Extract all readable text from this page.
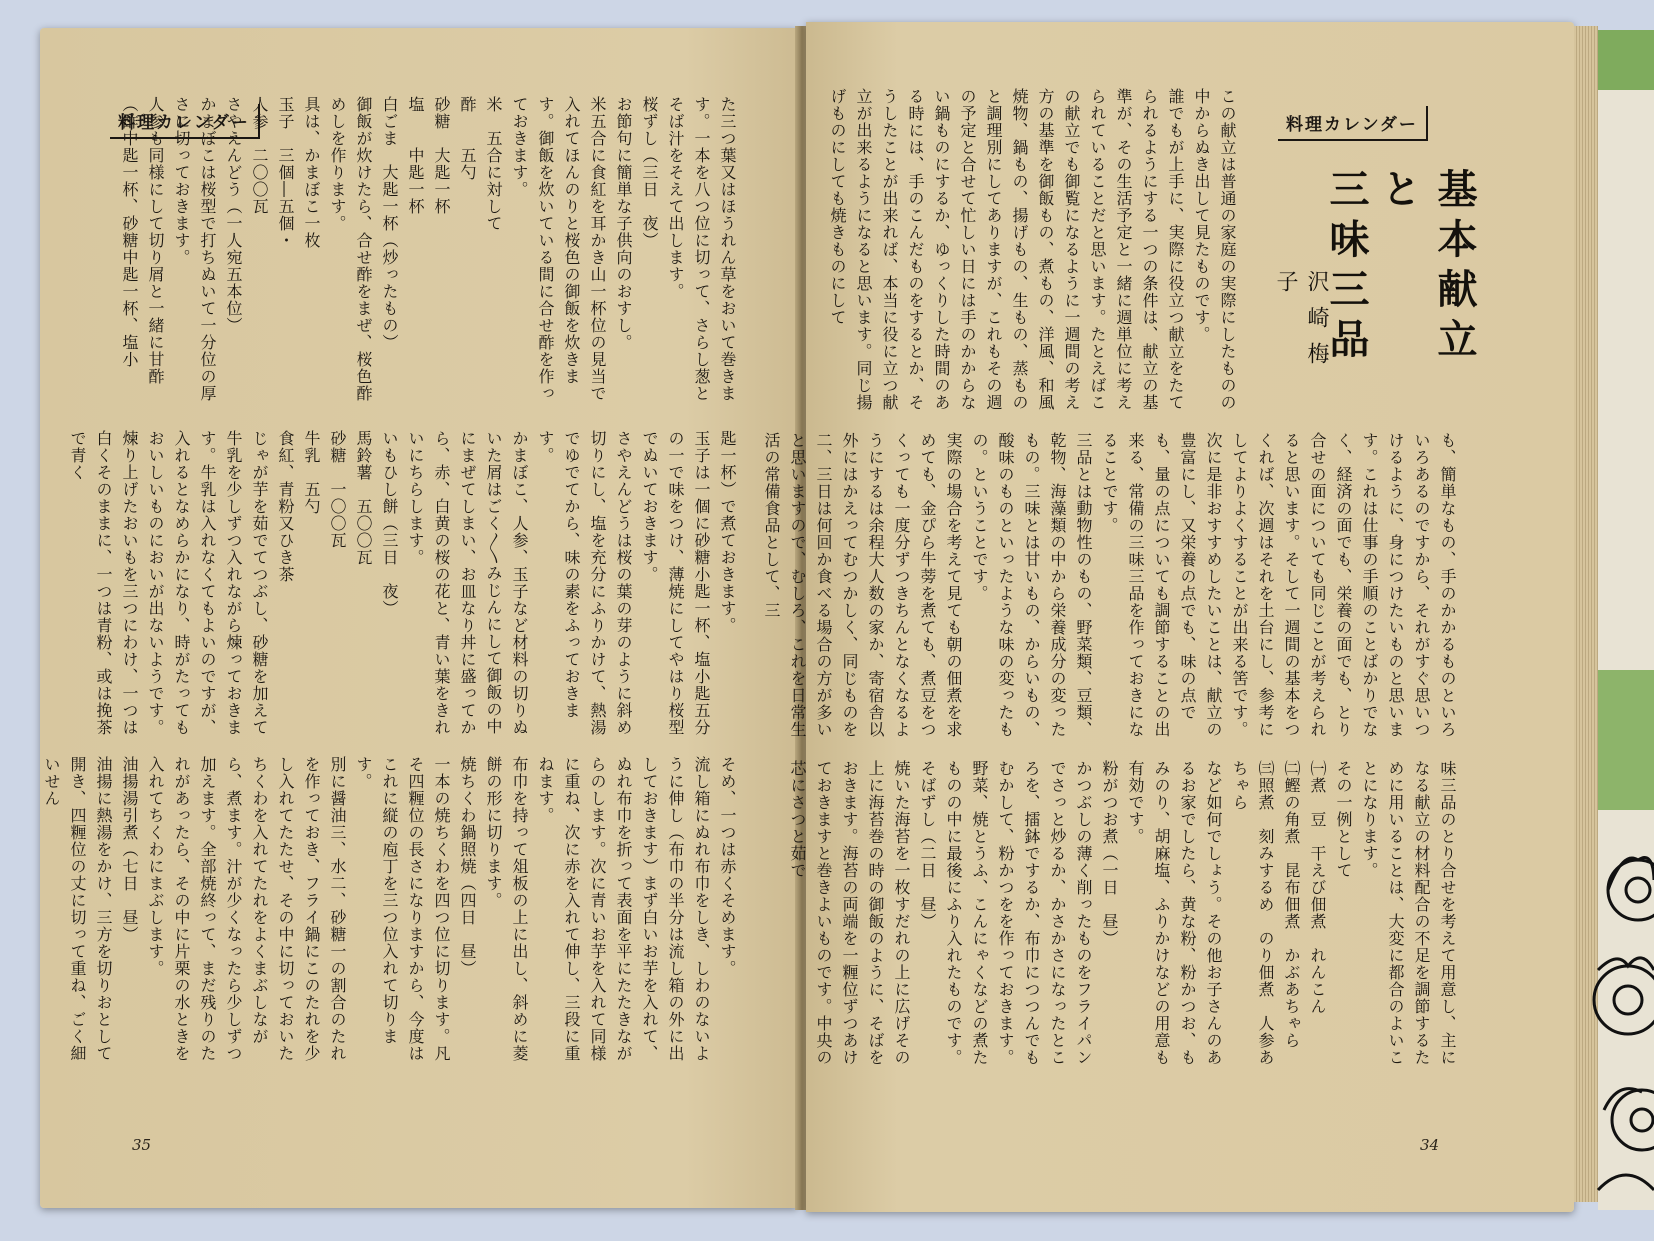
料理カレンダー	た三つ葉又はほうれん草をおいて巻きます。一本を八つ位に切って、さらし葱とそば汁をそえて出します。
桜ずし（三日　夜）
お節句に簡単な子供向のおすし。
米五合に食紅を耳かき山一杯位の見当で入れてほんのりと桜色の御飯を炊きます。御飯を炊いている間に合せ酢を作っておきます。
米　五合に対して
酢　　五勺
砂糖　大匙一杯
塩　　中匙一杯
白ごま　大匙一杯（炒ったもの）
御飯が炊けたら、合せ酢をまぜ、桜色酢めしを作ります。
具は、かまぼこ一枚
玉子　三個―五個・
人参　二〇〇瓦
さやえんどう（一人宛五本位）
かまぼこは桜型で打ちぬいて一分位の厚さに切っておきます。
人参も同様にして切り屑と一緒に甘酢（酢中匙一杯、砂糖中匙一杯、塩小
匙一杯）で煮ておきます。
玉子は一個に砂糖小匙一杯、塩小匙五分の一で味をつけ、薄焼にしてやはり桜型でぬいておきます。
さやえんどうは桜の葉の芽のように斜め切りにし、塩を充分にふりかけて、熱湯でゆでてから、味の素をふっておきます。
かまぼこ、人参、玉子など材料の切りぬいた屑はごく〳〵みじんにして御飯の中にまぜてしまい、お皿なり丼に盛ってから、赤、白黄の桜の花と、青い葉をきれいにちらします。
いもひし餅（三日　夜）
馬鈴薯　五〇〇瓦
砂糖　一〇〇瓦
牛乳　五勺
食紅、青粉又ひき茶
じゃが芋を茹でてつぶし、砂糖を加えて牛乳を少しずつ入れながら煉っておきます。牛乳は入れなくてもよいのですが、入れるとなめらかになり、時がたってもおいしいものにおいが出ないようです。
煉り上げたおいもを三つにわけ、一つは白くそのままに、一つは青粉、或は挽茶で青く
そめ、一つは赤くそめます。
流し箱にぬれ布巾をしき、しわのないように伸し（布巾の半分は流し箱の外に出しておきます）まず白いお芋を入れて、ぬれ布巾を折って表面を平にたたきながらのします。次に青いお芋を入れて同様に重ね、次に赤を入れて伸し、三段に重ねます。
布巾を持って俎板の上に出し、斜めに菱餅の形に切ります。
焼ちくわ鍋照焼（四日　昼）
一本の焼ちくわを四つ位に切ります。凡そ四糎位の長さになりますから、今度はこれに縦の庖丁を三つ位入れて切ります。
別に醤油三、水二、砂糖一の割合のたれを作っておき、フライ鍋にこのたれを少し入れてたたせ、その中に切っておいたちくわを入れてたれをよくまぶしながら、煮ます。汁が少くなったら少しずつ加えます。全部焼終って、まだ残りのたれがあったら、その中に片栗の水ときを入れてちくわにまぶします。
油揚湯引煮（七日　昼）
油揚に熱湯をかけ、三方を切りおとして開き、四糎位の丈に切って重ね、ごく細いせん
35
料理カレンダー
基本献立と
三味三品
沢崎梅子
この献立は普通の家庭の実際にしたものの中からぬき出して見たものです。
誰でもが上手に、実際に役立つ献立をたてられるようにする一つの条件は、献立の基準が、その生活予定と一緒に週単位に考えられていることだと思います。たとえばこの献立でも御覧になるように一週間の考え方の基準を御飯もの、煮もの、洋風、和風焼物、鍋もの、揚げもの、生もの、蒸ものと調理別にしてありますが、これもその週の予定と合せて忙しい日には手のかからない鍋ものにするか、ゆっくりした時間のある時には、手のこんだものをするとか、そうしたことが出来れば、本当に役に立つ献立が出来るようになると思います。同じ揚げものにしても焼きものにして
も、簡単なもの、手のかかるものといろいろあるのですから、それがすぐ思いつけるように、身につけたいものと思います。これは仕事の手順のことばかりでなく、経済の面でも、栄養の面でも、とり合せの面についても同じことが考えられると思います。そして一週間の基本をつくれば、次週はそれを土台にし、参考にしてよりよくすることが出来る筈です。
次に是非おすすめしたいことは、献立の豊富にし、又栄養の点でも、味の点でも、量の点についても調節することの出来る、常備の三味三品を作っておきになることです。
三品とは動物性のもの、野菜類、豆類、乾物、海藻類の中から栄養成分の変ったもの。三味とは甘いもの、からいもの、酸味のものといったような味の変ったもの。ということです。
実際の場合を考えて見ても朝の佃煮を求めても、金ぴら牛蒡を煮ても、煮豆をつくっても一度分ずつきちんとなくなるようにするは余程大人数の家か、寄宿舎以外にはかえってむつかしく、同じものを二、三日は何回か食べる場合の方が多いと思いますので、むしろ、これを日常生活の常備食品として、三
味三品のとり合せを考えて用意し、主になる献立の材料配合の不足を調節するために用いることは、大変に都合のよいことになります。
その一例として
㈠煮　豆　干えび佃煮　れんこん
㈡鰹の角煮　昆布佃煮　かぶあちゃら
㈢照煮　刻みするめ　のり佃煮　人参あちゃら
など如何でしょう。その他お子さんのあるお家でしたら、黄な粉、粉かつお、もみのり、胡麻塩、ふりかけなどの用意も有効です。
粉がつお煮（一日　昼）
かつぶしの薄く削ったものをフライパンでさっと炒るか、かさかさになったところを、擂鉢でするか、布巾につつんでもむかして、粉かつをを作っておきます。野菜、焼とうふ、こんにゃくなどの煮たものの中に最後にふり入れたものです。
そばずし（二日　昼）
焼いた海苔を一枚すだれの上に広げその上に海苔巻の時の御飯のように、そばをおきます。海苔の両端を一糎位ずつあけておきますと巻きよいものです。中央の芯にさつと茹で
34
